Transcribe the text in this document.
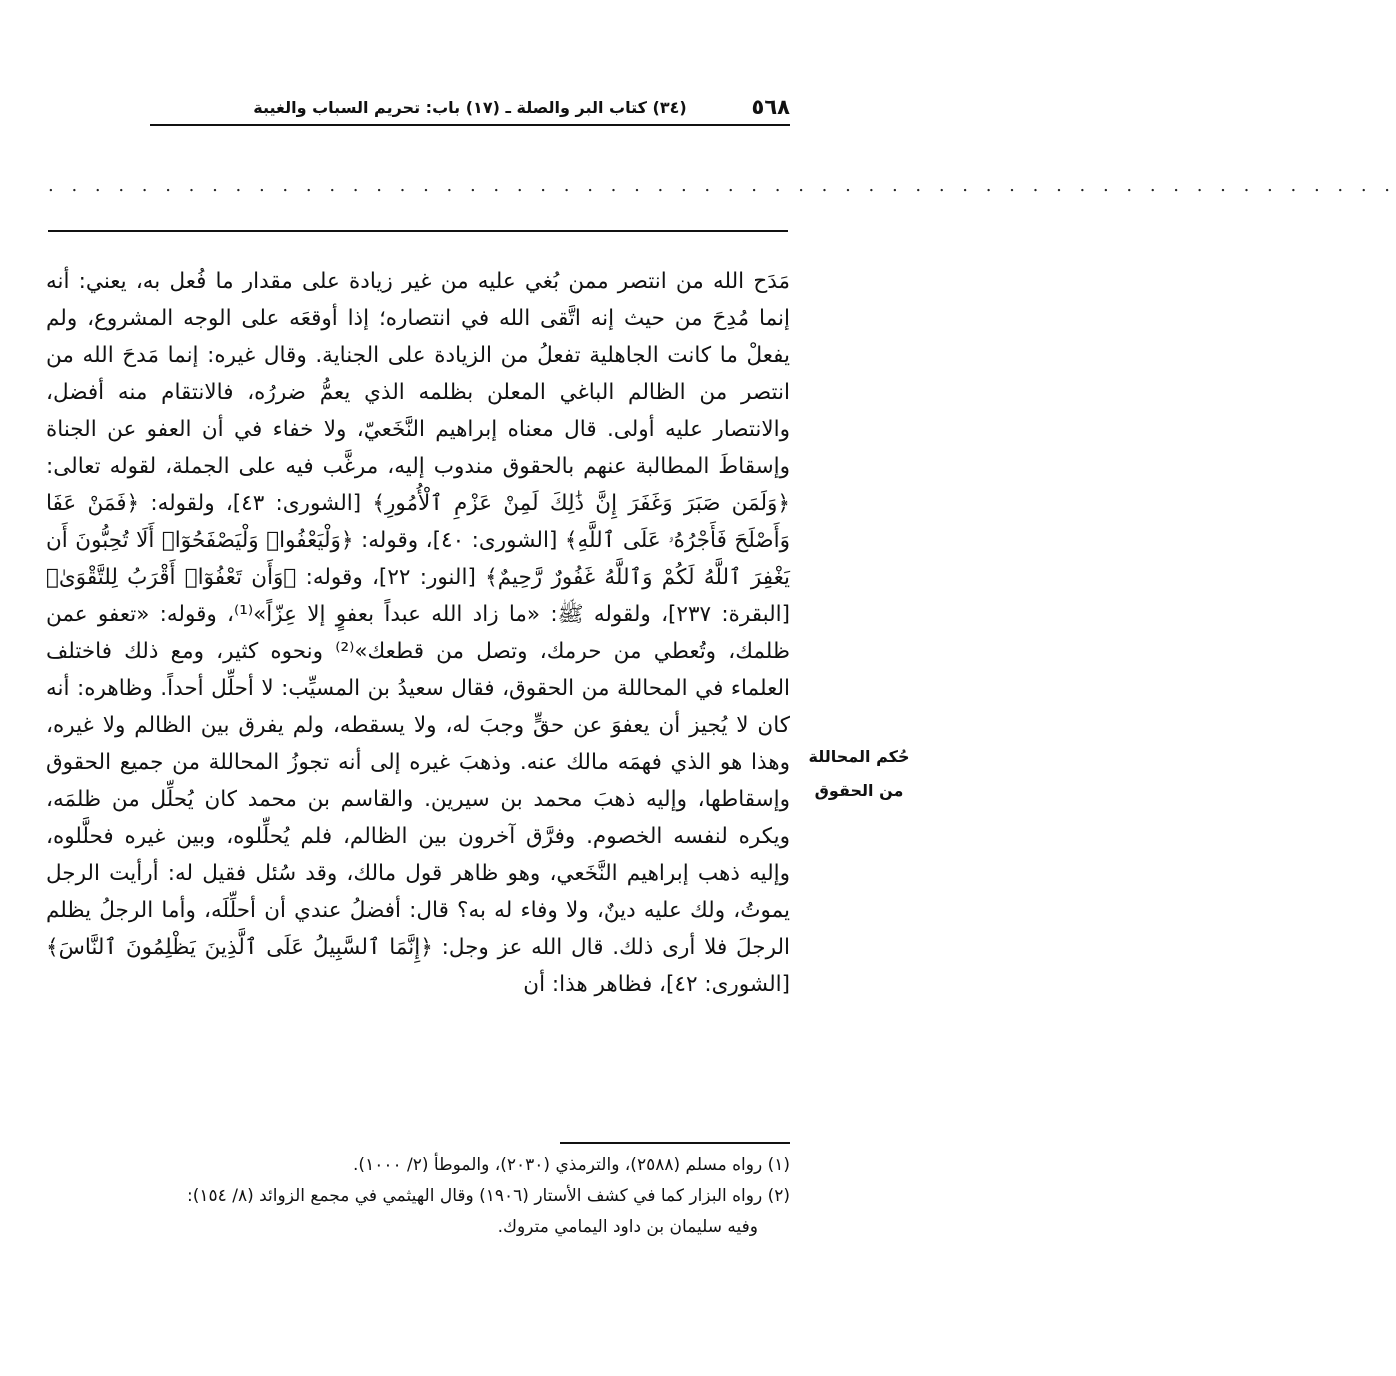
٥٦٨
(٣٤) كتاب البر والصلة ـ (١٧) باب: تحريم السباب والغيبة
. . . . . . . . . . . . . . . . . . . . . . . . . . . . . . . . . . . . . . . . . . . . . . . . . . . . . . . . . .

مَدَح الله من انتصر ممن بُغي عليه من غير زيادة على مقدار ما فُعل به، يعني: أنه إنما مُدِحَ من حيث إنه اتَّقى الله في انتصاره؛ إذا أوقعَه على الوجه المشروع، ولم يفعلْ ما كانت الجاهلية تفعلُ من الزيادة على الجناية. وقال غيره: إنما مَدحَ الله من انتصر من الظالم الباغي المعلن بظلمه الذي يعمُّ ضررُه، فالانتقام منه أفضل، والانتصار عليه أولى. قال معناه إبراهيم النَّخَعيّ، ولا خفاء في أن العفو عن الجناة وإسقاطَ المطالبة عنهم بالحقوق مندوب إليه، مرغَّب فيه على الجملة، لقوله تعالى: ﴿وَلَمَن صَبَرَ وَغَفَرَ إِنَّ ذَٰلِكَ لَمِنْ عَزْمِ ٱلْأُمُورِ﴾ [الشورى: ٤٣]، ولقوله: ﴿فَمَنْ عَفَا وَأَصْلَحَ فَأَجْرُهُۥ عَلَى ٱللَّهِ﴾ [الشورى: ٤٠]، وقوله: ﴿وَلْيَعْفُوا۟ وَلْيَصْفَحُوٓا۟ أَلَا تُحِبُّونَ أَن يَغْفِرَ ٱللَّهُ لَكُمْ وَٱللَّهُ غَفُورٌ رَّحِيمٌ﴾ [النور: ٢٢]، وقوله: ﴿وَأَن تَعْفُوٓا۟ أَقْرَبُ لِلتَّقْوَىٰ﴾ [البقرة: ٢٣٧]، ولقوله ﷺ: «ما زاد الله عبداً بعفوٍ إلا عِزّاً»⁽¹⁾، وقوله: «تعفو عمن ظلمك، وتُعطي من حرمك، وتصل من قطعك»⁽²⁾ ونحوه كثير، ومع ذلك فاختلف العلماء في المحاللة من الحقوق، فقال سعيدُ بن المسيِّب: لا أحلِّل أحداً. وظاهره: أنه كان لا يُجيز أن يعفوَ عن حقٍّ وجبَ له، ولا يسقطه، ولم يفرق بين الظالم ولا غيره، وهذا هو الذي فهمَه مالك عنه. وذهبَ غيره إلى أنه تجوزُ المحاللة من جميع الحقوق وإسقاطها، وإليه ذهبَ محمد بن سيرين. والقاسم بن محمد كان يُحلِّل من ظلمَه، ويكره لنفسه الخصوم. وفرَّق آخرون بين الظالم، فلم يُحلِّلوه، وبين غيره فحلَّلوه، وإليه ذهب إبراهيم النَّخَعي، وهو ظاهر قول مالك، وقد سُئل فقيل له: أرأيت الرجل يموتُ، ولك عليه دينٌ، ولا وفاء له به؟ قال: أفضلُ عندي أن أحلِّلَه، وأما الرجلُ يظلم الرجلَ فلا أرى ذلك. قال الله عز وجل: ﴿إِنَّمَا ٱلسَّبِيلُ عَلَى ٱلَّذِينَ يَظْلِمُونَ ٱلنَّاسَ﴾ [الشورى: ٤٢]، فظاهر هذا: أن

حُكم المحاللة
من الحقوق

(١) رواه مسلم (٢٥٨٨)، والترمذي (٢٠٣٠)، والموطأ (٢/ ١٠٠٠).

(٢) رواه البزار كما في كشف الأستار (١٩٠٦) وقال الهيثمي في مجمع الزوائد (٨/ ١٥٤):

وفيه سليمان بن داود اليمامي متروك.
